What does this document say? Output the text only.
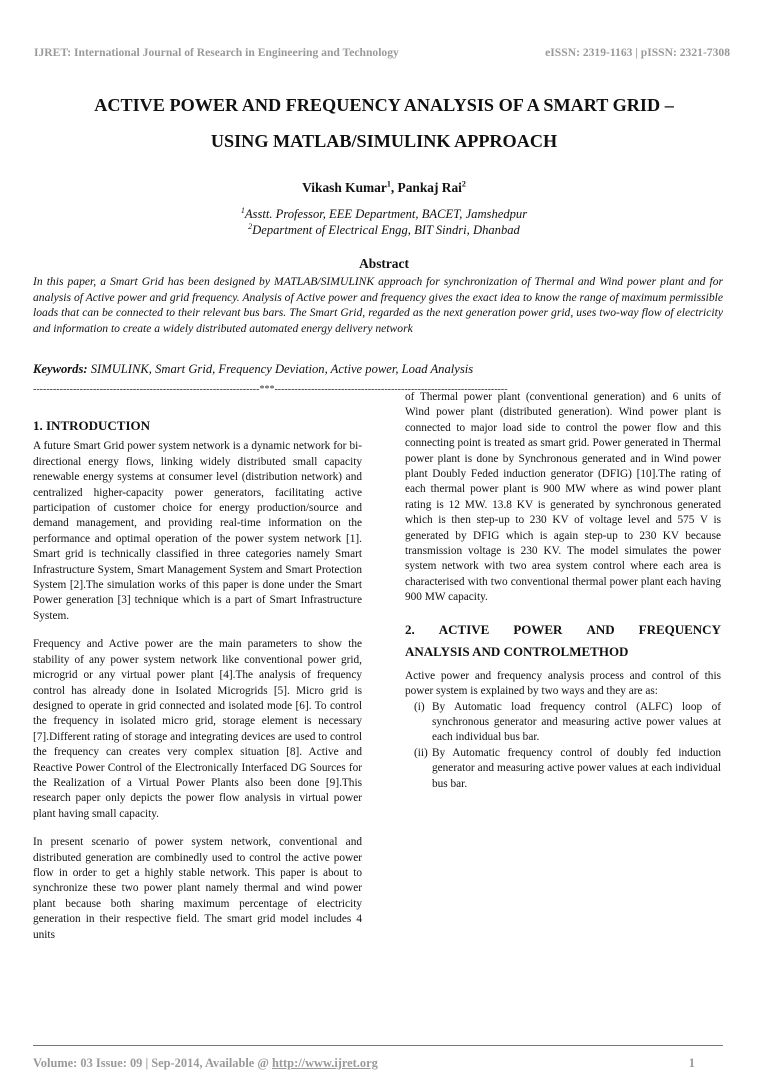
IJRET: International Journal of Research in Engineering and Technology	eISSN: 2319-1163 | pISSN: 2321-7308
ACTIVE POWER AND FREQUENCY ANALYSIS OF A SMART GRID –
USING MATLAB/SIMULINK APPROACH
Vikash Kumar$^1$, Pankaj Rai$^2$
$^1$Asstt. Professor, EEE Department, BACET, Jamshedpur
$^2$Department of Electrical Engg, BIT Sindri, Dhanbad
Abstract
In this paper, a Smart Grid has been designed by MATLAB/SIMULINK approach for synchronization of Thermal and Wind power plant and for analysis of Active power and grid frequency. Analysis of Active power and frequency gives the exact idea to know the range of maximum permissible loads that can be connected to their relevant bus bars. The Smart Grid, regarded as the next generation power grid, uses two-way flow of electricity and information to create a widely distributed automated energy delivery network
Keywords: SIMULINK, Smart Grid, Frequency Deviation, Active power, Load Analysis
--------------------------------------------------------------------***----------------------------------------------------------------------
1. INTRODUCTION

A future Smart Grid power system network is a dynamic network for bi-directional energy flows, linking widely distributed small capacity renewable energy systems at consumer level (distribution network) and centralized higher-capacity power generators, facilitating active participation of customer choice for energy production/source and demand management, and providing real-time information on the performance and optimal operation of the power system network [1]. Smart grid is technically classified in three categories namely Smart Infrastructure System, Smart Management System and Smart Protection System [2].The simulation works of this paper is done under the Smart Power generation [3] technique which is a part of Smart Infrastructure System.

Frequency and Active power are the main parameters to show the stability of any power system network like conventional power grid, microgrid or any virtual power plant [4].The analysis of frequency control has already done in Isolated Microgrids [5]. Micro grid is designed to operate in grid connected and isolated mode [6]. To control the frequency in isolated micro grid, storage element is necessary [7].Different rating of storage and integrating devices are used to control the frequency can creates very complex situation [8]. Active and Reactive Power Control of the Electronically Interfaced DG Sources for the Realization of a Virtual Power Plants also been done [9].This research paper only depicts the power flow analysis in virtual power plant having small capacity.

In present scenario of power system network, conventional and distributed generation are combinedly used to control the active power flow in order to get a highly stable network. This paper is about to synchronize these two power plant namely thermal and wind power plant because both sharing maximum percentage of electricity generation in their respective field. The smart grid model includes 4 units

of Thermal power plant (conventional generation) and 6 units of Wind power plant (distributed generation). Wind power plant is connected to major load side to control the power flow and this connecting point is treated as smart grid. Power generated in Thermal power plant is done by Synchronous generated and in Wind power plant Doubly Feded induction generator (DFIG) [10].The rating of each thermal power plant is 900 MW where as wind power plant rating is 12 MW. 13.8 KV is generated by synchronous generated which is then step-up to 230 KV of voltage level and 575 V is generated by DFIG which is again step-up to 230 KV because transmission voltage is 230 KV. The model simulates the power system network with two area system control where each area is characterised with two conventional thermal power plant each having 900 MW capacity.

2. ACTIVE POWER AND FREQUENCY
ANALYSIS AND CONTROLMETHOD

Active power and frequency analysis process and control of this power system is explained by two ways and they are as:

(i) By Automatic load frequency control (ALFC) loop of synchronous generator and measuring active power values at each individual bus bar.
(ii) By Automatic frequency control of doubly fed induction generator and measuring active power values at each individual bus bar.
Volume: 03 Issue: 09 | Sep-2014, Available @ http://www.ijret.org	1
